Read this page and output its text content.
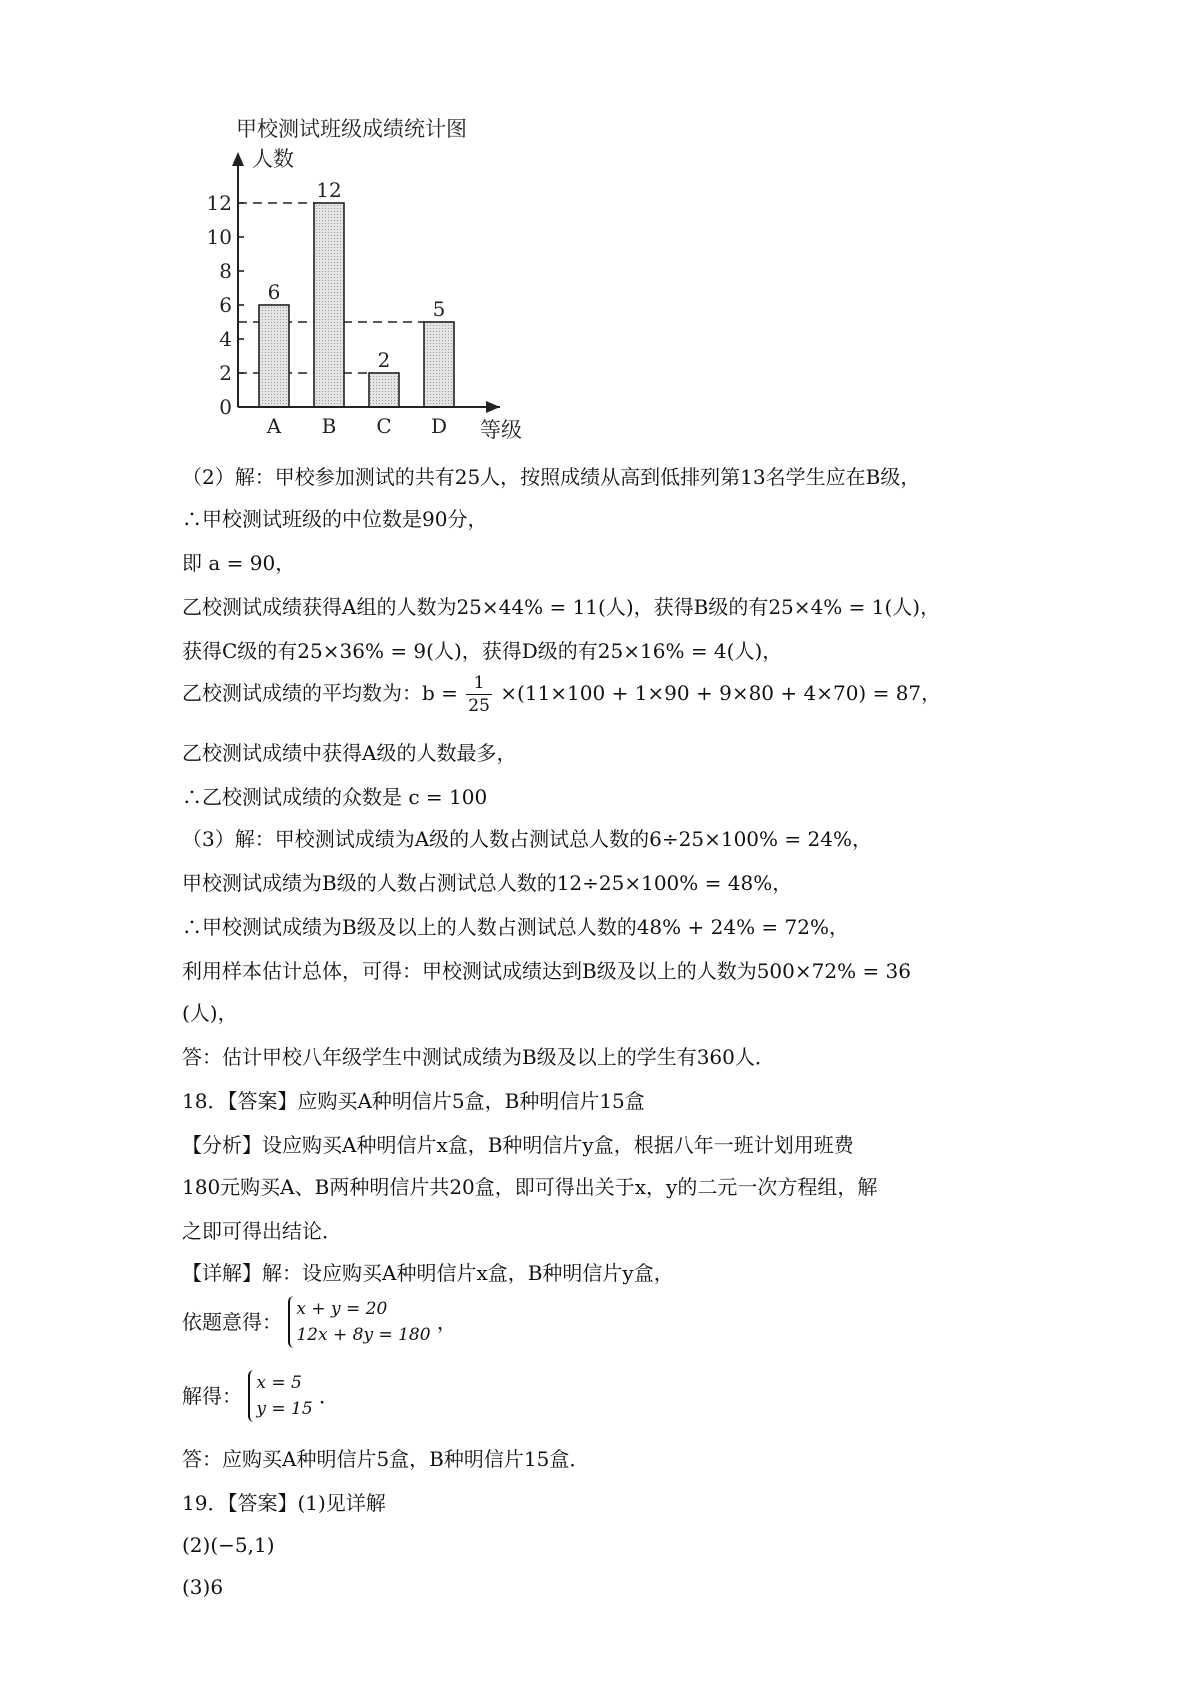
甲校测试班级成绩统计图
6
A
12
B
2
C
5
D
0
2
4
6
8
10
12
人数
等级
（2）解：甲校参加测试的共有25人，按照成绩从高到低排列第13名学生应在B级，
∴甲校测试班级的中位数是90分，
即 a = 90，
乙校测试成绩获得A组的人数为25×44% = 11(人)，获得B级的有25×4% = 1(人)，
获得C级的有25×36% = 9(人)，获得D级的有25×16% = 4(人)，
乙校测试成绩的平均数为：$b = \frac{1}{25} \times(11\times 100 + 1\times 90 + 9\times 80 + 4\times 70) = 87$，
乙校测试成绩中获得A级的人数最多，
∴乙校测试成绩的众数是 c = 100
（3）解：甲校测试成绩为A级的人数占测试总人数的6÷25×100% = 24%，
甲校测试成绩为B级的人数占测试总人数的12÷25×100% = 48%，
∴甲校测试成绩为B级及以上的人数占测试总人数的48% + 24% = 72%，
利用样本估计总体，可得：甲校测试成绩达到B级及以上的人数为500×72% = 36
(人)，
答：估计甲校八年级学生中测试成绩为B级及以上的学生有360人．
18．【答案】应购买A种明信片5盒，B种明信片15盒
【分析】设应购买A种明信片x盒，B种明信片y盒，根据八年一班计划用班费
180元购买A、B两种明信片共20盒，即可得出关于x，y的二元一次方程组，解
之即可得出结论．
【详解】解：设应购买A种明信片x盒，B种明信片y盒，
依题意得：
x + y = 20
12x + 8y = 180
，
解得：
x = 5
y = 15
．
答：应购买A种明信片5盒，B种明信片15盒．
19．【答案】(1)见详解
(2)(−5,1)
(3)6
